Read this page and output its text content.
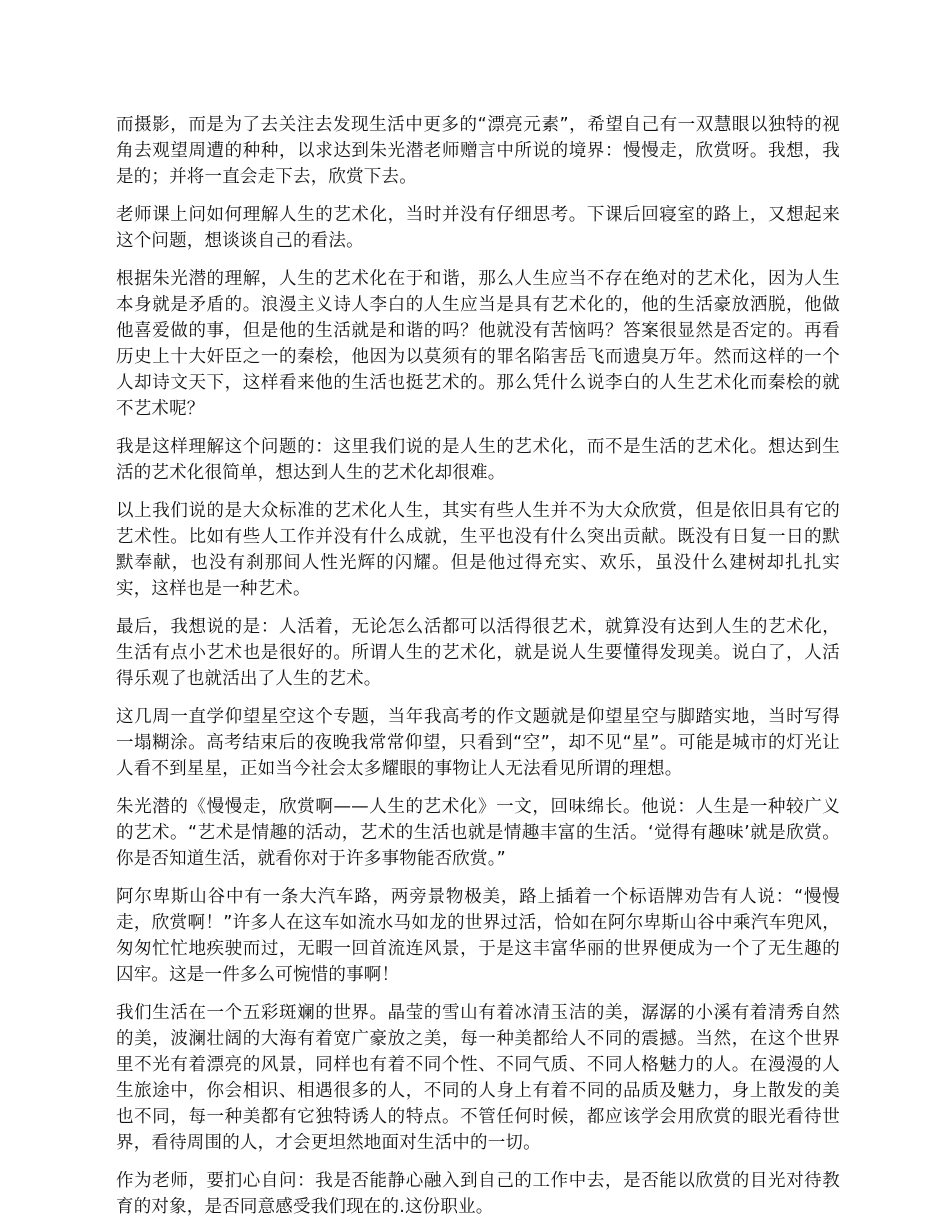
而摄影，而是为了去关注去发现生活中更多的“漂亮元素”，希望自己有一双慧眼以独特的视角去观望周遭的种种，以求达到朱光潜老师赠言中所说的境界：慢慢走，欣赏呀。我想，我是的；并将一直会走下去，欣赏下去。

老师课上问如何理解人生的艺术化，当时并没有仔细思考。下课后回寝室的路上，又想起来这个问题，想谈谈自己的看法。

根据朱光潜的理解，人生的艺术化在于和谐，那么人生应当不存在绝对的艺术化，因为人生本身就是矛盾的。浪漫主义诗人李白的人生应当是具有艺术化的，他的生活豪放洒脱，他做他喜爱做的事，但是他的生活就是和谐的吗？他就没有苦恼吗？答案很显然是否定的。再看历史上十大奸臣之一的秦桧，他因为以莫须有的罪名陷害岳飞而遗臭万年。然而这样的一个人却诗文天下，这样看来他的生活也挺艺术的。那么凭什么说李白的人生艺术化而秦桧的就不艺术呢？

我是这样理解这个问题的：这里我们说的是人生的艺术化，而不是生活的艺术化。想达到生活的艺术化很简单，想达到人生的艺术化却很难。

以上我们说的是大众标准的艺术化人生，其实有些人生并不为大众欣赏，但是依旧具有它的艺术性。比如有些人工作并没有什么成就，生平也没有什么突出贡献。既没有日复一日的默默奉献，也没有刹那间人性光辉的闪耀。但是他过得充实、欢乐，虽没什么建树却扎扎实实，这样也是一种艺术。

最后，我想说的是：人活着，无论怎么活都可以活得很艺术，就算没有达到人生的艺术化，生活有点小艺术也是很好的。所谓人生的艺术化，就是说人生要懂得发现美。说白了，人活得乐观了也就活出了人生的艺术。

这几周一直学仰望星空这个专题，当年我高考的作文题就是仰望星空与脚踏实地，当时写得一塌糊涂。高考结束后的夜晚我常常仰望，只看到“空”，却不见“星”。可能是城市的灯光让人看不到星星，正如当今社会太多耀眼的事物让人无法看见所谓的理想。

朱光潜的《慢慢走，欣赏啊——人生的艺术化》一文，回味绵长。他说：人生是一种较广义的艺术。“艺术是情趣的活动，艺术的生活也就是情趣丰富的生活。‘觉得有趣味’就是欣赏。你是否知道生活，就看你对于许多事物能否欣赏。”

阿尔卑斯山谷中有一条大汽车路，两旁景物极美，路上插着一个标语牌劝告有人说：“慢慢走，欣赏啊！”许多人在这车如流水马如龙的世界过活，恰如在阿尔卑斯山谷中乘汽车兜风，匆匆忙忙地疾驶而过，无暇一回首流连风景，于是这丰富华丽的世界便成为一个了无生趣的囚牢。这是一件多么可惋惜的事啊！

我们生活在一个五彩斑斓的世界。晶莹的雪山有着冰清玉洁的美，潺潺的小溪有着清秀自然的美，波澜壮阔的大海有着宽广豪放之美，每一种美都给人不同的震撼。当然，在这个世界里不光有着漂亮的风景，同样也有着不同个性、不同气质、不同人格魅力的人。在漫漫的人生旅途中，你会相识、相遇很多的人，不同的人身上有着不同的品质及魅力，身上散发的美也不同，每一种美都有它独特诱人的特点。不管任何时候，都应该学会用欣赏的眼光看待世界，看待周围的人，才会更坦然地面对生活中的一切。

作为老师，要扪心自问：我是否能静心融入到自己的工作中去，是否能以欣赏的目光对待教育的对象，是否同意感受我们现在的.这份职业。
